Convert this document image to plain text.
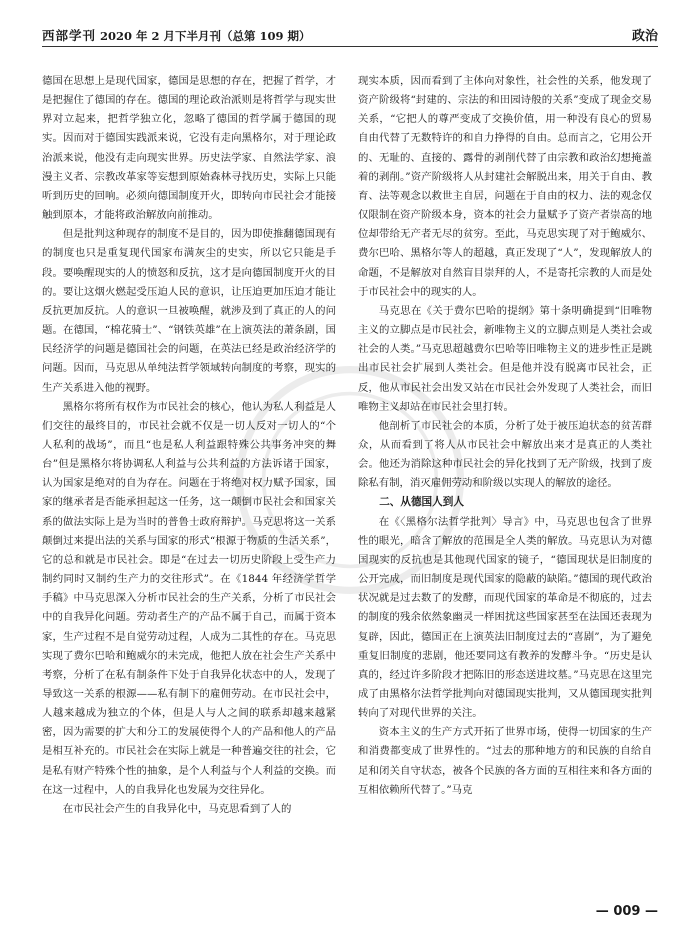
西部学刊 2020 年 2 月下半月刊（总第 109 期）	政治

德国在思想上是现代国家，德国是思想的存在，把握了哲学，才是把握住了德国的存在。德国的理论政治派则是将哲学与现实世界对立起来，把哲学独立化，忽略了德国的哲学属于德国的现实。因而对于德国实践派来说，它没有走向黑格尔，对于理论政治派来说，他没有走向现实世界。历史法学家、自然法学家、浪漫主义者、宗教改革家等妄想到原始森林寻找历史，实际上只能听到历史的回响。必须向德国制度开火，即转向市民社会才能接触到原本，才能将政治解放向前推动。

但是批判这种现存的制度不是目的，因为即使推翻德国现有的制度也只是重复现代国家布满灰尘的史实，所以它只能是手段。要唤醒现实的人的愤怒和反抗，这才是向德国制度开火的目的。要让这烟火燃起受压迫人民的意识，让压迫更加压迫才能让反抗更加反抗。人的意识一旦被唤醒，就涉及到了真正的人的问题。在德国，“棉花骑士”、“钢铁英雄”在上演英法的萧条剧，国民经济学的问题是德国社会的问题，在英法已经是政治经济学的问题。因而，马克思从单纯法哲学领域转向制度的考察，现实的生产关系进入他的视野。

黑格尔将所有权作为市民社会的核心，他认为私人利益是人们交往的最终目的，市民社会就不仅是一切人反对一切人的“个人私利的战场”，而且“也是私人利益跟特殊公共事务冲突的舞台”但是黑格尔将协调私人利益与公共利益的方法诉诸于国家，认为国家是绝对的自为存在。问题在于将绝对权力赋予国家，国家的继承者是否能承担起这一任务，这一颠倒市民社会和国家关系的做法实际上是为当时的普鲁士政府辩护。马克思将这一关系颠倒过来提出法的关系与国家的形式“根源于物质的生活关系”，它的总和就是市民社会。即是“在过去一切历史阶段上受生产力制约同时又制约生产力的交往形式”。在《1844 年经济学哲学手稿》中马克思深入分析市民社会的生产关系，分析了市民社会中的自我异化问题。劳动者生产的产品不属于自己，而属于资本家，生产过程不是自觉劳动过程，人成为二其性的存在。马克思实现了费尔巴哈和鲍威尔的未完成，他把人放在社会生产关系中考察，分析了在私有制条件下处于自我异化状态中的人，发现了导致这一关系的根源——私有制下的雇佣劳动。在市民社会中，人越来越成为独立的个体，但是人与人之间的联系却越来越紧密，因为需要的扩大和分工的发展使得个人的产品和他人的产品是相互补充的。市民社会在实际上就是一种普遍交往的社会，它是私有财产特殊个性的抽象，是个人利益与个人利益的交换。而在这一过程中，人的自我异化也发展为交往异化。

在市民社会产生的自我异化中，马克思看到了人的

现实本质，因而看到了主体向对象性，社会性的关系，他发现了资产阶级将“封建的、宗法的和田园诗般的关系”变成了现金交易关系，“它把人的尊严变成了交换价值，用一种没有良心的贸易自由代替了无数特许的和自力挣得的自由。总而言之，它用公开的、无耻的、直接的、露骨的剥削代替了由宗教和政治幻想掩盖着的剥削。”资产阶级将人从封建社会解脱出来，用关于自由、教育、法等观念以救世主自居，问题在于自由的权力、法的观念仅仅限制在资产阶级本身，资本的社会力量赋予了资产者崇高的地位却带给无产者无尽的贫穷。至此，马克思实现了对于鲍威尔、费尔巴哈、黑格尔等人的超越，真正发现了“人”，发现解放人的命题，不是解放对自然盲目崇拜的人，不是寄托宗教的人而是处于市民社会中的现实的人。

马克思在《关于费尔巴哈的提纲》第十条明确提到“旧唯物主义的立脚点是市民社会，新唯物主义的立脚点则是人类社会或社会的人类。”马克思超越费尔巴哈等旧唯物主义的进步性正是跳出市民社会扩展到人类社会。但是他并没有脱离市民社会，正反，他从市民社会出发又站在市民社会外发现了人类社会，而旧唯物主义却站在市民社会里打转。

他剖析了市民社会的本质，分析了处于被压迫状态的贫苦群众，从而看到了将人从市民社会中解放出来才是真正的人类社会。他还为消除这种市民社会的异化找到了无产阶级，找到了废除私有制，消灭雇佣劳动和阶级以实现人的解放的途径。

二、从德国人到人

在《〈黑格尔法哲学批判〉导言》中，马克思也包含了世界性的眼光，暗含了解放的范围是全人类的解放。马克思认为对德国现实的反抗也是其他现代国家的镜子，“德国现状是旧制度的公开完成，而旧制度是现代国家的隐蔽的缺陷。”德国的现代政治状况就是过去数了的发酵，而现代国家的革命是不彻底的，过去的制度的残余依然象幽灵一样困扰这些国家甚至在法国还表现为复辟，因此，德国正在上演英法旧制度过去的“喜剧”，为了避免重复旧制度的悲剧，他还要同这有教养的发酵斗争。“历史是认真的，经过许多阶段才把陈旧的形态送进坟墓。”马克思在这里完成了由黑格尔法哲学批判向对德国现实批判，又从德国现实批判转向了对现代世界的关注。

资本主义的生产方式开拓了世界市场，使得一切国家的生产和消费都变成了世界性的。“过去的那种地方的和民族的自给自足和闭关自守状态，被各个民族的各方面的互相往来和各方面的互相依赖所代替了。”马克

— 009 —
